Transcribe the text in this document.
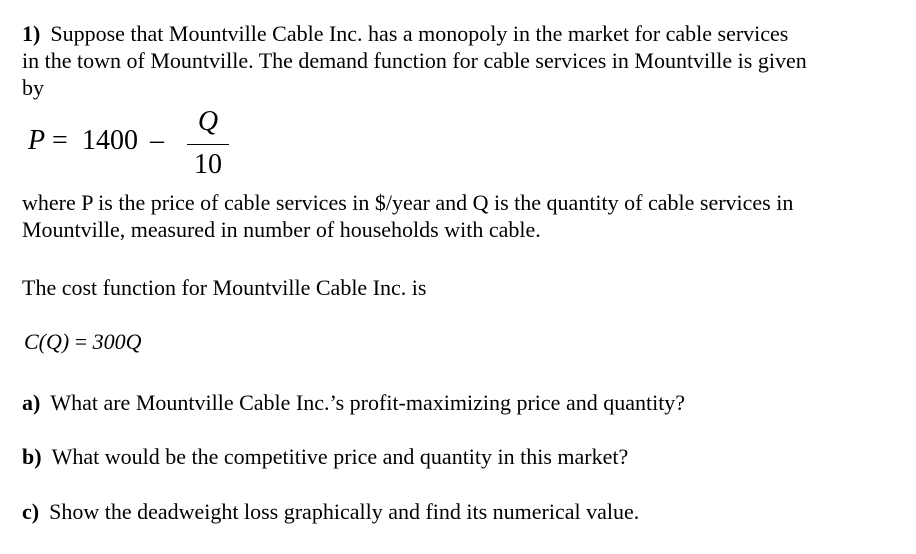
1) Suppose that Mountville Cable Inc. has a monopoly in the market for cable services
in the town of Mountville. The demand function for cable services in Mountville is given
by
P = 1400 –
Q
10
where P is the price of cable services in $/year and Q is the quantity of cable services in
Mountville, measured in number of households with cable.
The cost function for Mountville Cable Inc. is
C(Q) = 300Q
a) What are Mountville Cable Inc.’s profit-maximizing price and quantity?
b) What would be the competitive price and quantity in this market?
c) Show the deadweight loss graphically and find its numerical value.
